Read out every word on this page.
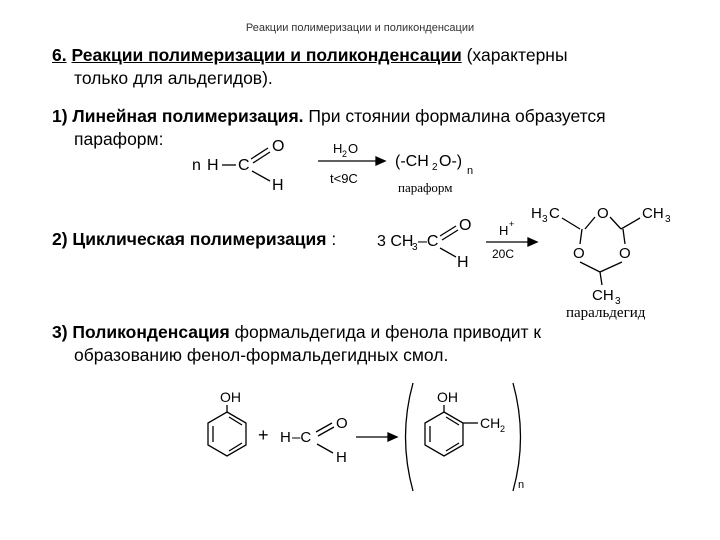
Реакции полимеризации и поликонденсации
6. Реакции полимеризации и поликонденсации (характерны
только для альдегидов).
1) Линейная полимеризация. При стоянии формалина образуется
параформ:
2) Циклическая полимеризация :
3) Поликонденсация формальдегида и фенола приводит к
образованию фенол-формальдегидных смол.
n H C
O
H
H 2 O
t<9C
(-CH 2 O-)
n
параформ
3 CH
3 –C
O
H
H +
20C
H 3 C O CH 3
O O
CH 3
паральдегид
OH
+ H –C
O
H
OH
CH 2
n
